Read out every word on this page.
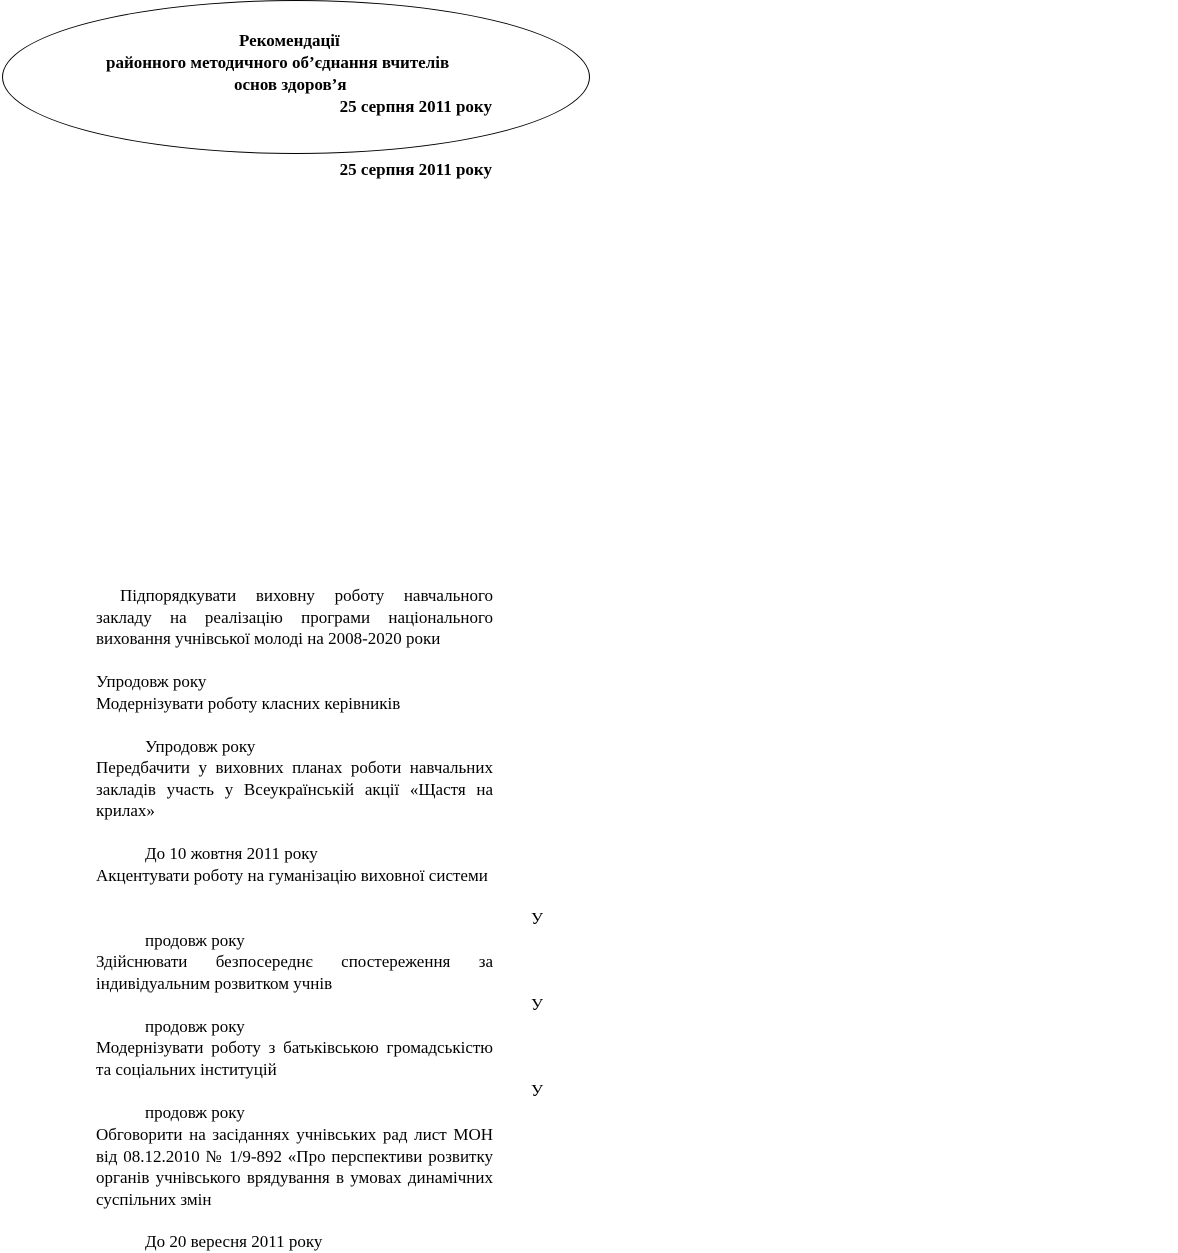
Рекомендації
районного методичного об’єднання вчителів
основ здоров’я
25 серпня 2011 року
25 серпня 2011 року
Підпорядкувати виховну роботу навчального закладу на реалізацію програми національного виховання учнівської молоді на 2008-2020 роки
Упродовж року
Модернізувати роботу класних керівників
Упродовж року
Передбачити у виховних планах роботи навчальних закладів участь у Всеукраїнській акції «Щастя на крилах»
До 10 жовтня 2011 року
Акцентувати роботу на гуманізацію виховної системи
У
продовж року
Здійснювати безпосереднє спостереження за індивідуальним розвитком учнів
У
продовж року
Модернізувати роботу з батьківською громадськістю та соціальних інституцій
У
продовж року
Обговорити на засіданнях учнівських рад лист МОН від 08.12.2010 № 1/9-892 «Про перспективи розвитку органів учнівського врядування в умовах динамічних суспільних змін
До 20 вересня 2011 року
